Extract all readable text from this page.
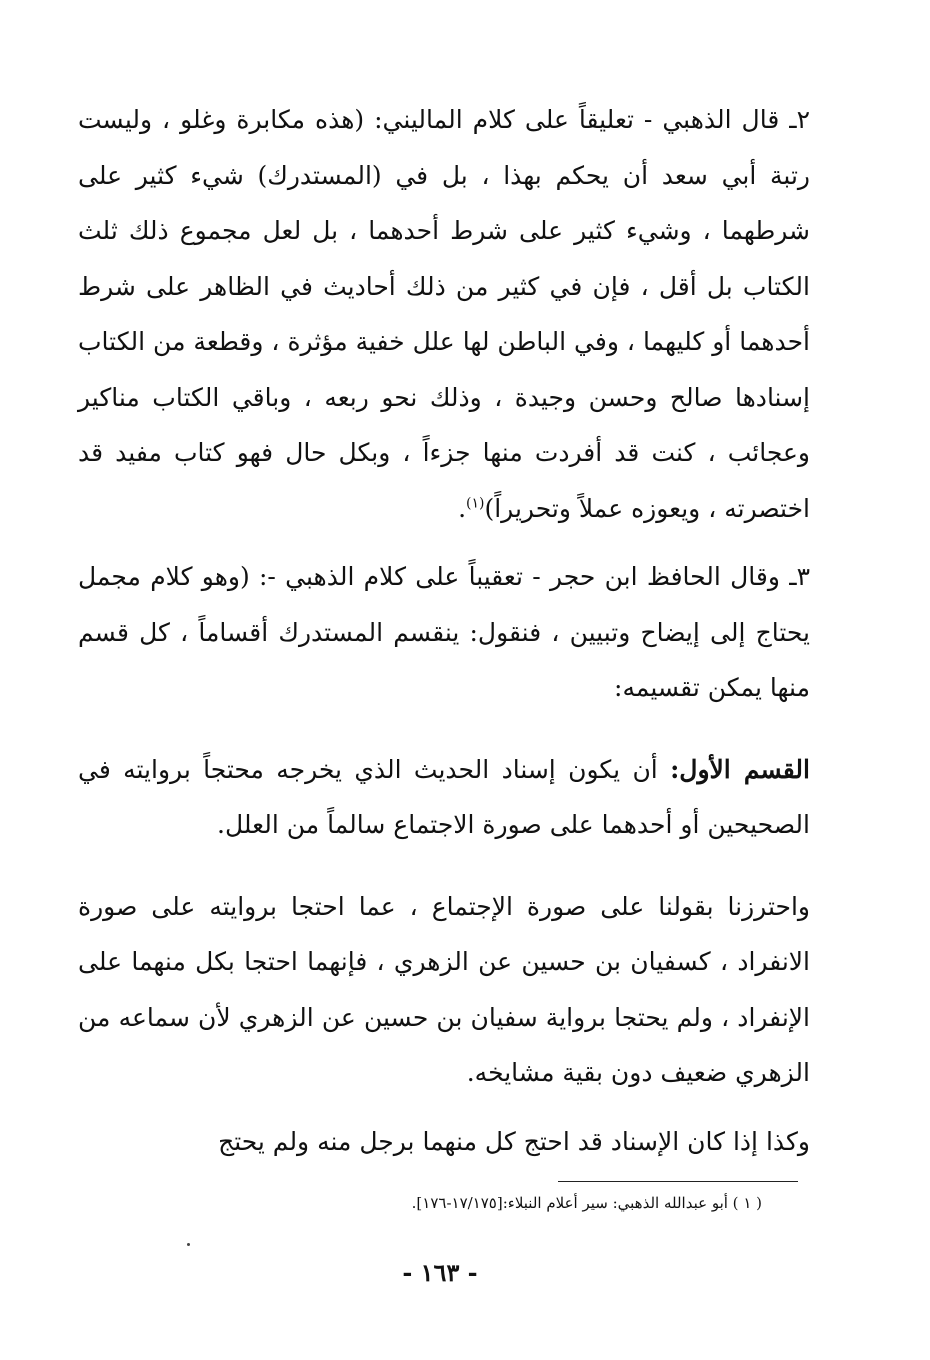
٢ـ قال الذهبي - تعليقاً على كلام الماليني: (هذه مكابرة وغلو ، وليست رتبة أبي سعد أن يحكم بهذا ، بل في (المستدرك) شيء كثير على شرطهما ، وشيء كثير على شرط أحدهما ، بل لعل مجموع ذلك ثلث الكتاب بل أقل ، فإن في كثير من ذلك أحاديث في الظاهر على شرط أحدهما أو كليهما ، وفي الباطن لها علل خفية مؤثرة ، وقطعة من الكتاب إسنادها صالح وحسن وجيدة ، وذلك نحو ربعه ، وباقي الكتاب مناكير وعجائب ، كنت قد أفردت منها جزءاً ، وبكل حال فهو كتاب مفيد قد اختصرته ، ويعوزه عملاً وتحريراً)$^{(١)}$.

٣ـ وقال الحافظ ابن حجر - تعقيباً على كلام الذهبي -: (وهو كلام مجمل يحتاج إلى إيضاح وتبيين ، فنقول: ينقسم المستدرك أقساماً ، كل قسم منها يمكن تقسيمه:

القسم الأول: أن يكون إسناد الحديث الذي يخرجه محتجاً بروايته في الصحيحين أو أحدهما على صورة الاجتماع سالماً من العلل.

واحترزنا بقولنا على صورة الإجتماع ، عما احتجا بروايته على صورة الانفراد ، كسفيان بن حسين عن الزهري ، فإنهما احتجا بكل منهما على الإنفراد ، ولم يحتجا برواية سفيان بن حسين عن الزهري لأن سماعه من الزهري ضعيف دون بقية مشايخه.

وكذا إذا كان الإسناد قد احتج كل منهما برجل منه ولم يحتج

( ١ ) أبو عبدالله الذهبي: سير أعلام النبلاء:[١٧/١٧٥-١٧٦].
- ١٦٣ -
